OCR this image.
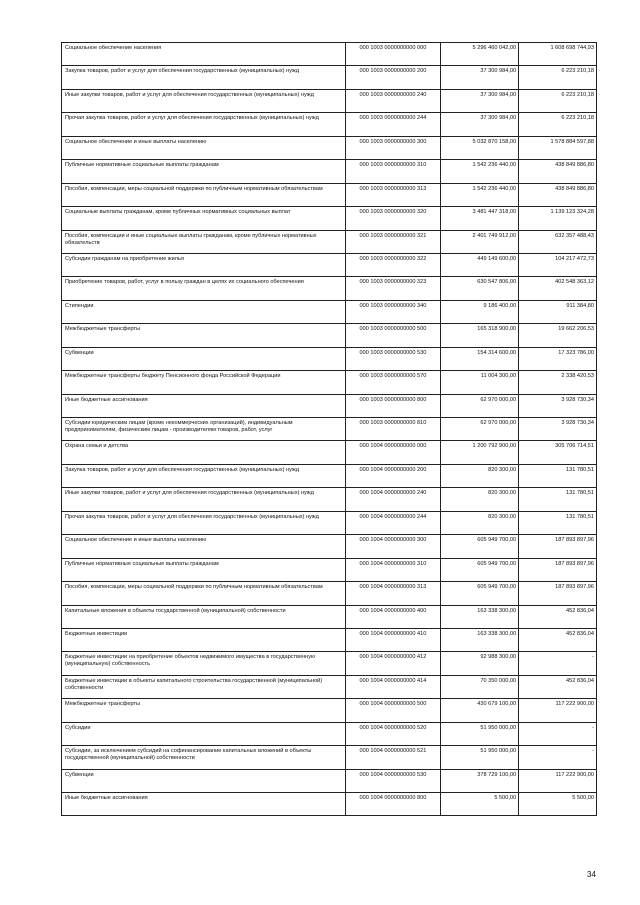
Социальное обеспечение населения	000 1003 0000000000 000	5 296 460 042,00	1 608 698 744,93
Закупка товаров, работ и услуг для обеспечения государственных (муниципальных) нужд	000 1003 0000000000 200	37 300 984,00	6 223 210,18
Иные закупки товаров, работ и услуг для обеспечения государственных (муниципальных) нужд	000 1003 0000000000 240	37 300 984,00	6 223 210,18
Прочая закупка товаров, работ и услуг для обеспечения государственных (муниципальных) нужд	000 1003 0000000000 244	37 300 984,00	6 223 210,18
Социальное обеспечение и иные выплаты населению	000 1003 0000000000 300	5 032 870 158,00	1 578 884 597,88
Публичные нормативные социальные выплаты гражданам	000 1003 0000000000 310	1 542 236 440,00	438 849 886,80
Пособия, компенсации, меры социальной поддержки по публичным нормативным обязательствам	000 1003 0000000000 313	1 542 236 440,00	438 849 886,80
Социальные выплаты гражданам, кроме публичных нормативных социальных выплат	000 1003 0000000000 320	3 481 447 318,00	1 139 123 324,28
Пособия, компенсации и иные социальные выплаты гражданам, кроме публичных нормативных обязательств	000 1003 0000000000 321	2 401 749 912,00	632 357 488,43
Субсидии гражданам на приобретение жилья	000 1003 0000000000 322	449 149 600,00	104 217 472,73
Приобретение товаров, работ, услуг в пользу граждан в целях их социального обеспечения	000 1003 0000000000 323	630 547 806,00	402 548 363,12
Стипендии	000 1003 0000000000 340	9 186 400,00	911 384,80
Межбюджетные трансферты	000 1003 0000000000 500	165 318 900,00	19 662 206,53
Субвенции	000 1003 0000000000 530	154 314 600,00	17 323 786,00
Межбюджетные трансферты бюджету Пенсионного фонда Российской Федерации	000 1003 0000000000 570	11 004 300,00	2 338 420,53
Иные бюджетные ассигнования	000 1003 0000000000 800	62 970 000,00	3 928 730,34
Субсидии юридическим лицам (кроме некоммерческих организаций), индивидуальным предпринимателям, физическим лицам - производителям товаров, работ, услуг	000 1003 0000000000 810	62 970 000,00	3 928 730,34
Охрана семьи и детства	000 1004 0000000000 000	1 200 792 900,00	305 706 714,51
Закупка товаров, работ и услуг для обеспечения государственных (муниципальных) нужд	000 1004 0000000000 200	820 300,00	131 780,51
Иные закупки товаров, работ и услуг для обеспечения государственных (муниципальных) нужд	000 1004 0000000000 240	820 300,00	131 780,51
Прочая закупка товаров, работ и услуг для обеспечения государственных (муниципальных) нужд	000 1004 0000000000 244	820 300,00	131 780,51
Социальное обеспечение и иные выплаты населению	000 1004 0000000000 300	605 949 700,00	187 893 897,96
Публичные нормативные социальные выплаты гражданам	000 1004 0000000000 310	605 949 700,00	187 893 897,96
Пособия, компенсации, меры социальной поддержки по публичным нормативным обязательствам	000 1004 0000000000 313	605 949 700,00	187 893 897,96
Капитальные вложения в объекты государственной (муниципальной) собственности	000 1004 0000000000 400	163 338 300,00	452 836,04
Бюджетные инвестиции	000 1004 0000000000 410	163 338 300,00	452 836,04
Бюджетные инвестиции на приобретение объектов недвижимого имущества в государственную (муниципальную) собственность	000 1004 0000000000 412	92 988 300,00	-
Бюджетные инвестиции в объекты капитального строительства государственной (муниципальной) собственности	000 1004 0000000000 414	70 350 000,00	452 836,04
Межбюджетные трансферты	000 1004 0000000000 500	430 679 100,00	117 222 900,00
Субсидии	000 1004 0000000000 520	51 950 000,00	-
Субсидии, за исключением субсидий на софинансирование капитальных вложений в объекты государственной (муниципальной) собственности	000 1004 0000000000 521	51 950 000,00	-
Субвенции	000 1004 0000000000 530	378 729 100,00	117 222 900,00
Иные бюджетные ассигнования	000 1004 0000000000 800	5 500,00	5 500,00
34
